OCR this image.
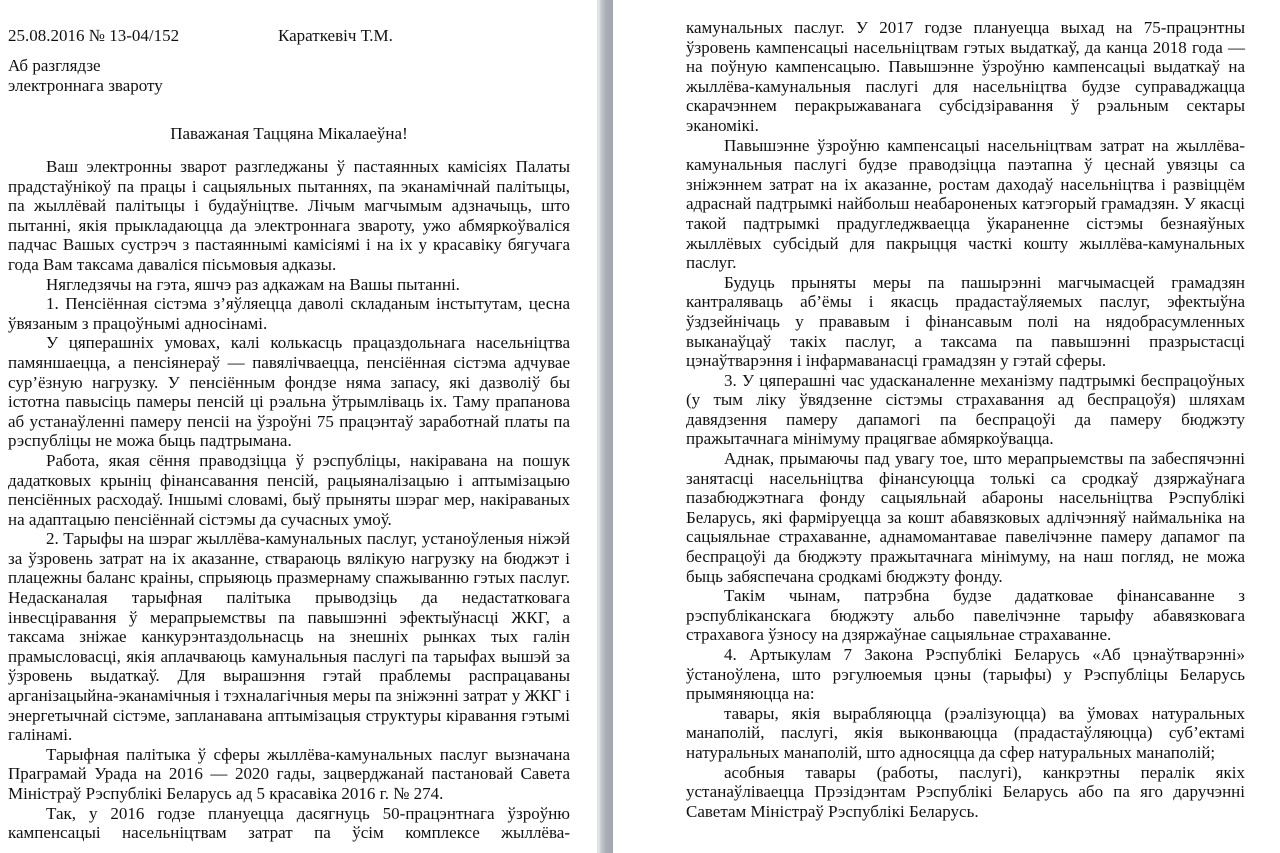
25.08.2016 № 13-04/152	Караткевіч Т.М.
Аб разглядзе
электроннага звароту
Паважаная Таццяна Мікалаеўна!

Ваш электронны зварот разгледжаны ў пастаянных камісіях Палаты прадстаўнікоў па працы і сацыяльных пытаннях, па эканамічнай палітыцы, па жыллёвай палітыцы і будаўніцтве. Лічым магчымым адзначыць, што пытанні, якія прыкладаюцца да электроннага звароту, ужо абмяркоўваліся падчас Вашых сустрэч з пастаяннымі камісіямі і на іх у красавіку бягучага года Вам таксама даваліся пісьмовыя адказы.

Нягледзячы на гэта, яшчэ раз адкажам на Вашы пытанні.

1. Пенсіённая сістэма з’яўляецца даволі складаным інстытутам, цесна ўвязаным з працоўнымі адносінамі.

У цяперашніх умовах, калі колькасць працаздольнага насельніцтва памяншаецца, а пенсіянераў — павялічваецца, пенсіённая сістэма адчувае сур’ёзную нагрузку. У пенсіённым фондзе няма запасу, які дазволіў бы істотна павысіць памеры пенсій ці рэальна ўтрымліваць іх. Таму прапанова аб устанаўленні памеру пенсіі на ўзроўні 75 працэнтаў заработнай платы па рэспубліцы не можа быць падтрымана.

Работа, якая сёння праводзіцца ў рэспубліцы, накіравана на пошук дадатковых крыніц фінансавання пенсій, рацыяналізацыю і аптымізацыю пенсіённых расходаў. Іншымі словамі, быў прыняты шэраг мер, накіраваных на адаптацыю пенсіённай сістэмы да сучасных умоў.

2. Тарыфы на шэраг жыллёва-камунальных паслуг, устаноўленыя ніжэй за ўзровень затрат на іх аказанне, ствараюць вялікую нагрузку на бюджэт і плацежны баланс краіны, спрыяюць празмернаму спажыванню гэтых паслуг. Недасканалая тарыфная палітыка прыводзіць да недастатковага інвесціравання ў мерапрыемствы па павышэнні эфектыўнасці ЖКГ, а таксама зніжае канкурэнтаздольнасць на знешніх рынках тых галін прамысловасці, якія аплачваюць камунальныя паслугі па тарыфах вышэй за ўзровень выдаткаў. Для вырашэння гэтай праблемы распрацаваны арганізацыйна-эканамічныя і тэхналагічныя меры па зніжэнні затрат у ЖКГ і энергетычнай сістэме, запланавана аптымізацыя структуры кіравання гэтымі галінамі.

Тарыфная палітыка ў сферы жыллёва-камунальных паслуг вызначана Праграмай Урада на 2016 — 2020 гады, зацверджанай пастановай Савета Міністраў Рэспублікі Беларусь ад 5 красавіка 2016 г. № 274.

Так, у 2016 годзе плануецца дасягнуць 50-працэнтнага ўзроўню кампенсацыі насельніцтвам затрат па ўсім комплексе жыллёва-

камунальных паслуг. У 2017 годзе плануецца выхад на 75-працэнтны ўзровень кампенсацыі насельніцтвам гэтых выдаткаў, да канца 2018 года — на поўную кампенсацыю. Павышэнне ўзроўню кампенсацыі выдаткаў на жыллёва-камунальныя паслугі для насельніцтва будзе суправаджацца скарачэннем перакрыжаванага субсідзіравання ў рэальным сектары эканомікі.

Павышэнне ўзроўню кампенсацыі насельніцтвам затрат на жыллёва-камунальныя паслугі будзе праводзіцца паэтапна ў цеснай увязцы са зніжэннем затрат на іх аказанне, ростам даходаў насельніцтва і развіццём адраснай падтрымкі найбольш неабароненых катэгорый грамадзян. У якасці такой падтрымкі прадугледжваецца ўкараненне сістэмы безнаяўных жыллёвых субсідый для пакрыцця часткі кошту жыллёва-камунальных паслуг.

Будуць прыняты меры па пашырэнні магчымасцей грамадзян кантраляваць аб’ёмы і якасць прадастаўляемых паслуг, эфектыўна ўздзейнічаць у прававым і фінансавым полі на нядобрасумленных выканаўцаў такіх паслуг, а таксама па павышэнні празрыстасці цэнаўтварэння і інфармаванасці грамадзян у гэтай сферы.

3. У цяперашні час удасканаленне механізму падтрымкі беспрацоўных (у тым ліку ўвядзенне сістэмы страхавання ад беспрацоўя) шляхам давядзення памеру дапамогі па беспрацоўі да памеру бюджэту пражытачнага мінімуму працягвае абмяркоўвацца.

Аднак, прымаючы пад увагу тое, што мерапрыемствы па забеспячэнні занятасці насельніцтва фінансуюцца толькі са сродкаў дзяржаўнага пазабюджэтнага фонду сацыяльнай абароны насельніцтва Рэспублікі Беларусь, які фарміруецца за кошт абавязковых адлічэнняў наймальніка на сацыяльнае страхаванне, аднамомантавае павелічэнне памеру дапамог па беспрацоўі да бюджэту пражытачнага мінімуму, на наш погляд, не можа быць забяспечана сродкамі бюджэту фонду.

Такім чынам, патрэбна будзе дадатковае фінансаванне з рэспубліканскага бюджэту альбо павелічэнне тарыфу абавязковага страхавога ўзносу на дзяржаўнае сацыяльнае страхаванне.

4. Артыкулам 7 Закона Рэспублікі Беларусь «Аб цэнаўтварэнні» ўстаноўлена, што рэгулюемыя цэны (тарыфы) у Рэспубліцы Беларусь прымяняюцца на:

тавары, якія вырабляюцца (рэалізуюцца) ва ўмовах натуральных манаполій, паслугі, якія выконваюцца (прадастаўляюцца) суб’ектамі натуральных манаполій, што адносяцца да сфер натуральных манаполій;

асобныя тавары (работы, паслугі), канкрэтны пералік якіх устанаўліваецца Прэзідэнтам Рэспублікі Беларусь або па яго даручэнні Саветам Міністраў Рэспублікі Беларусь.
